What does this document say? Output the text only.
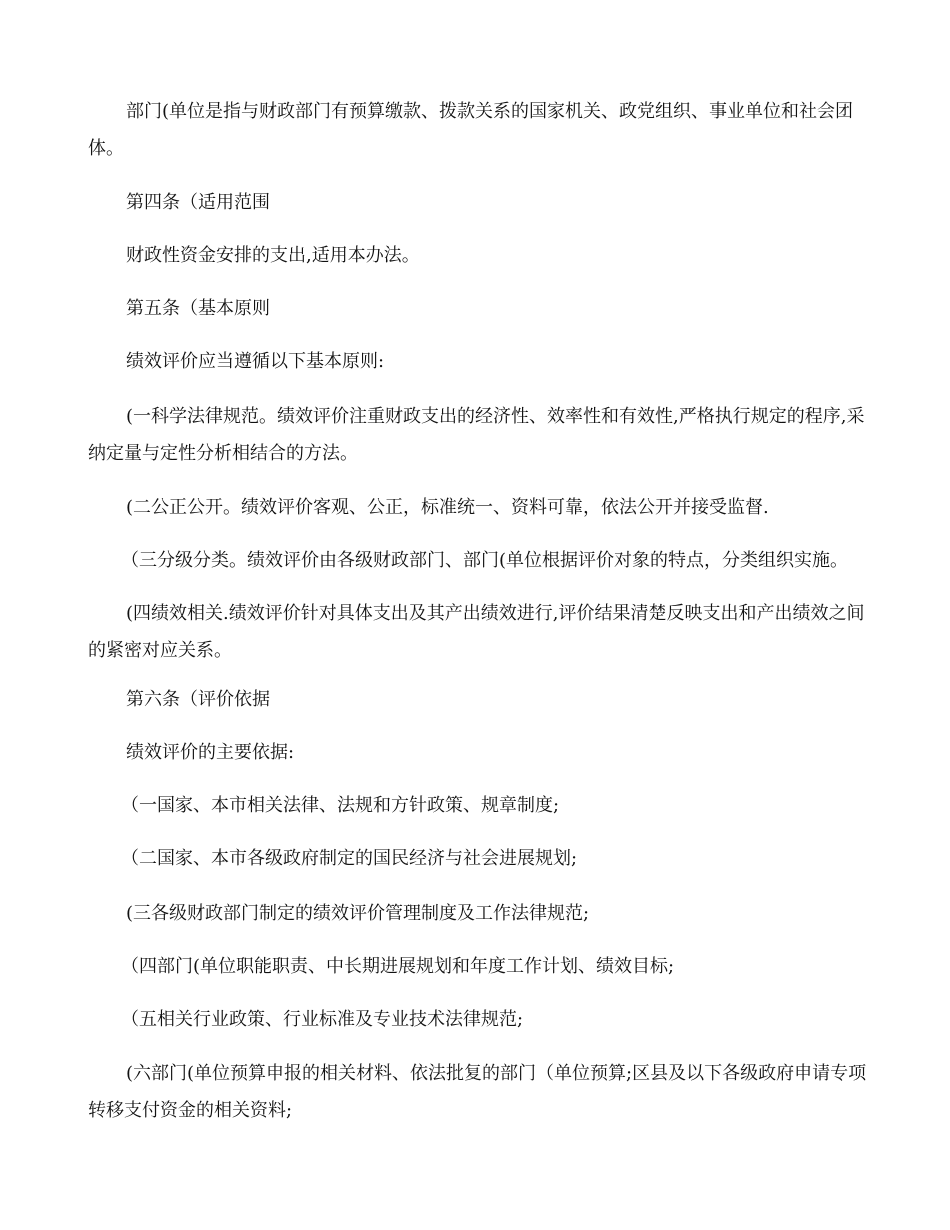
部门(单位是指与财政部门有预算缴款、拨款关系的国家机关、政党组织、事业单位和社会团体。

第四条（适用范围

财政性资金安排的支出,适用本办法。

第五条（基本原则

绩效评价应当遵循以下基本原则:

(一科学法律规范。绩效评价注重财政支出的经济性、效率性和有效性,严格执行规定的程序,采纳定量与定性分析相结合的方法。

(二公正公开。绩效评价客观、公正，标准统一、资料可靠，依法公开并接受监督.

（三分级分类。绩效评价由各级财政部门、部门(单位根据评价对象的特点，分类组织实施。

(四绩效相关.绩效评价针对具体支出及其产出绩效进行,评价结果清楚反映支出和产出绩效之间的紧密对应关系。

第六条（评价依据

绩效评价的主要依据:

（一国家、本市相关法律、法规和方针政策、规章制度;

（二国家、本市各级政府制定的国民经济与社会进展规划;

(三各级财政部门制定的绩效评价管理制度及工作法律规范;

（四部门(单位职能职责、中长期进展规划和年度工作计划、绩效目标;

（五相关行业政策、行业标准及专业技术法律规范;

(六部门(单位预算申报的相关材料、依法批复的部门（单位预算;区县及以下各级政府申请专项转移支付资金的相关资料;
